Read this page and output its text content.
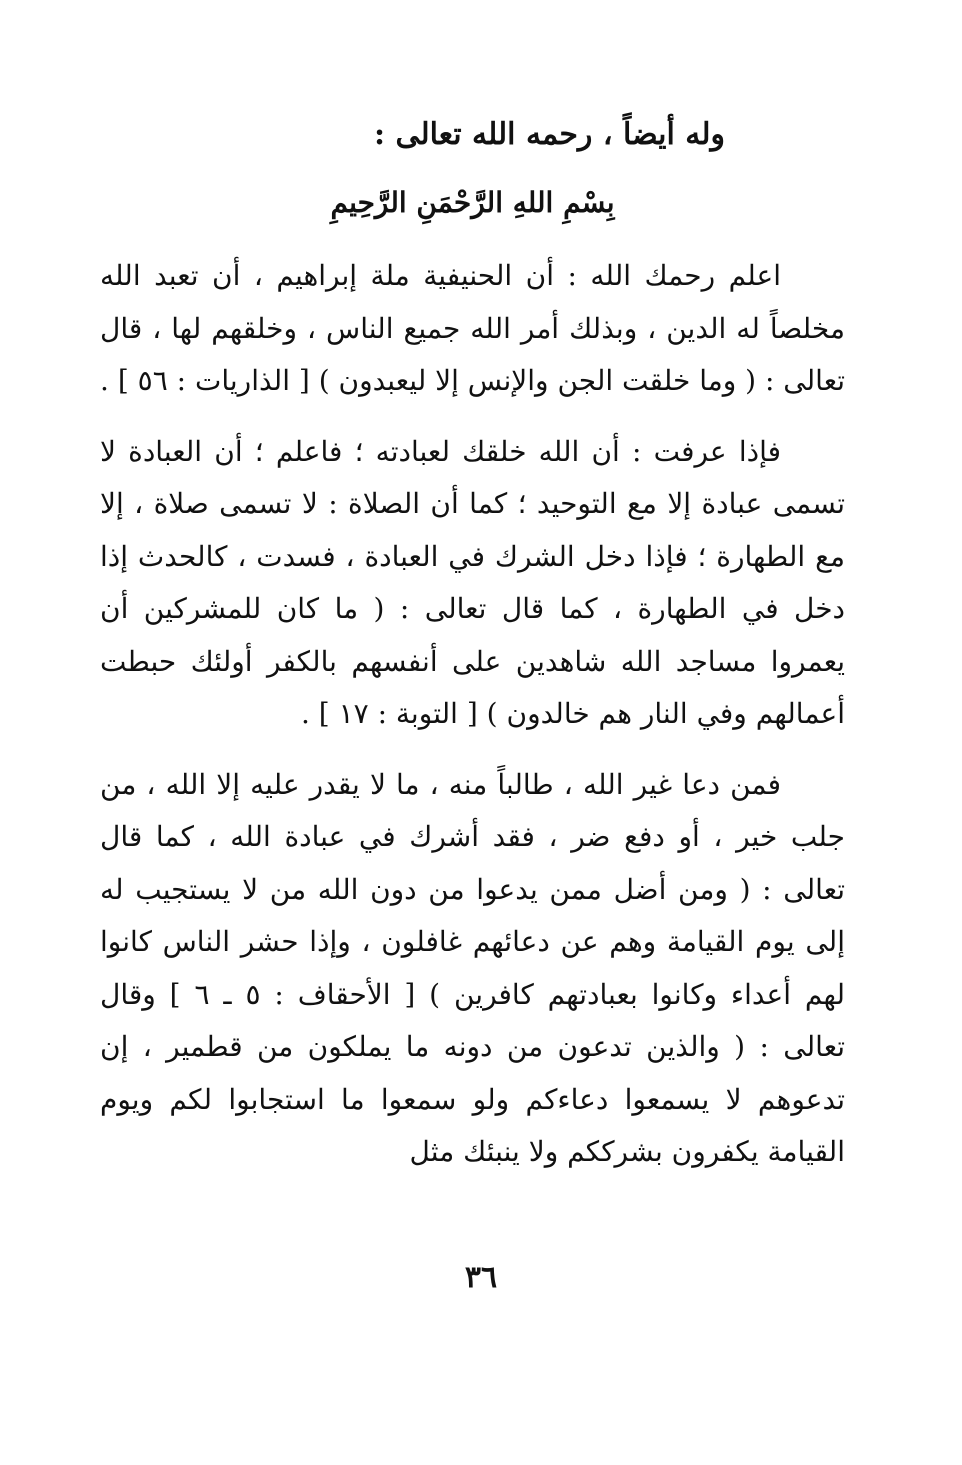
وله أيضاً ، رحمه الله تعالى :
بِسْمِ اللهِ الرَّحْمَنِ الرَّحِيمِ

اعلم رحمك الله : أن الحنيفية ملة إبراهيم ، أن تعبد الله مخلصاً له الدين ، وبذلك أمر الله جميع الناس ، وخلقهم لها ، قال تعالى : ( وما خلقت الجن والإنس إلا ليعبدون ) [ الذاريات : ٥٦ ] .

فإذا عرفت : أن الله خلقك لعبادته ؛ فاعلم ؛ أن العبادة لا تسمى عبادة إلا مع التوحيد ؛ كما أن الصلاة : لا تسمى صلاة ، إلا مع الطهارة ؛ فإذا دخل الشرك في العبادة ، فسدت ، كالحدث إذا دخل في الطهارة ، كما قال تعالى : ( ما كان للمشركين أن يعمروا مساجد الله شاهدين على أنفسهم بالكفر أولئك حبطت أعمالهم وفي النار هم خالدون ) [ التوبة : ١٧ ] .

فمن دعا غير الله ، طالباً منه ، ما لا يقدر عليه إلا الله ، من جلب خير ، أو دفع ضر ، فقد أشرك في عبادة الله ، كما قال تعالى : ( ومن أضل ممن يدعوا من دون الله من لا يستجيب له إلى يوم القيامة وهم عن دعائهم غافلون ، وإذا حشر الناس كانوا لهم أعداء وكانوا بعبادتهم كافرين ) [ الأحقاف : ٥ ـ ٦ ] وقال تعالى : ( والذين تدعون من دونه ما يملكون من قطمير ، إن تدعوهم لا يسمعوا دعاءكم ولو سمعوا ما استجابوا لكم ويوم القيامة يكفرون بشرككم ولا ينبئك مثل

٣٦
